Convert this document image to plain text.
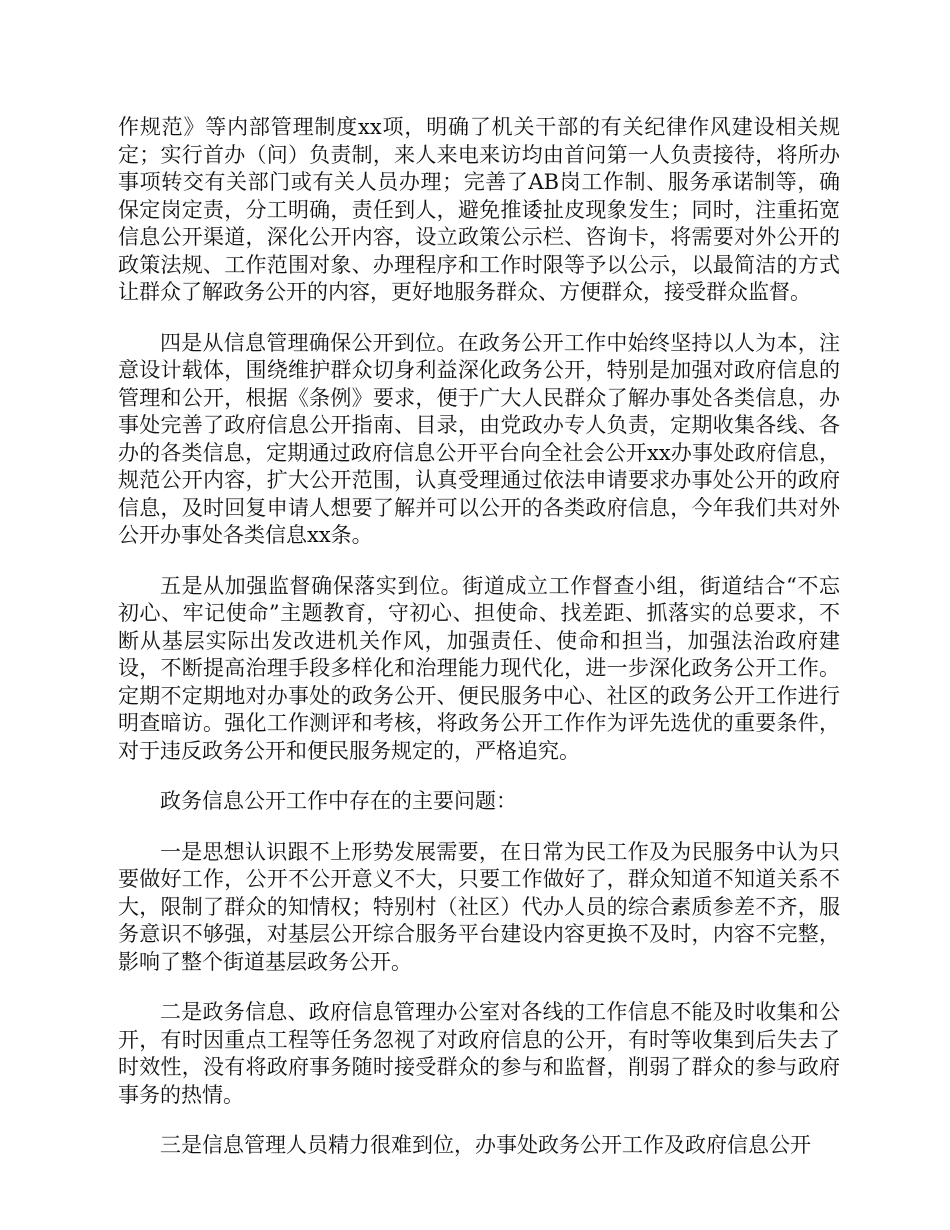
作规范》等内部管理制度xx项，明确了机关干部的有关纪律作风建设相关规定；实行首办（问）负责制，来人来电来访均由首问第一人负责接待，将所办事项转交有关部门或有关人员办理；完善了AB岗工作制、服务承诺制等，确保定岗定责，分工明确，责任到人，避免推诿扯皮现象发生；同时，注重拓宽信息公开渠道，深化公开内容，设立政策公示栏、咨询卡，将需要对外公开的政策法规、工作范围对象、办理程序和工作时限等予以公示，以最简洁的方式让群众了解政务公开的内容，更好地服务群众、方便群众，接受群众监督。

四是从信息管理确保公开到位。在政务公开工作中始终坚持以人为本，注意设计载体，围绕维护群众切身利益深化政务公开，特别是加强对政府信息的管理和公开，根据《条例》要求，便于广大人民群众了解办事处各类信息，办事处完善了政府信息公开指南、目录，由党政办专人负责，定期收集各线、各办的各类信息，定期通过政府信息公开平台向全社会公开xx办事处政府信息，规范公开内容，扩大公开范围，认真受理通过依法申请要求办事处公开的政府信息，及时回复申请人想要了解并可以公开的各类政府信息，今年我们共对外公开办事处各类信息xx条。

五是从加强监督确保落实到位。街道成立工作督查小组，街道结合“不忘初心、牢记使命”主题教育，守初心、担使命、找差距、抓落实的总要求，不断从基层实际出发改进机关作风，加强责任、使命和担当，加强法治政府建设，不断提高治理手段多样化和治理能力现代化，进一步深化政务公开工作。定期不定期地对办事处的政务公开、便民服务中心、社区的政务公开工作进行明查暗访。强化工作测评和考核，将政务公开工作作为评先选优的重要条件，对于违反政务公开和便民服务规定的，严格追究。

政务信息公开工作中存在的主要问题：

一是思想认识跟不上形势发展需要，在日常为民工作及为民服务中认为只要做好工作，公开不公开意义不大，只要工作做好了，群众知道不知道关系不大，限制了群众的知情权；特别村（社区）代办人员的综合素质参差不齐，服务意识不够强，对基层公开综合服务平台建设内容更换不及时，内容不完整，影响了整个街道基层政务公开。

二是政务信息、政府信息管理办公室对各线的工作信息不能及时收集和公开，有时因重点工程等任务忽视了对政府信息的公开，有时等收集到后失去了时效性，没有将政府事务随时接受群众的参与和监督，削弱了群众的参与政府事务的热情。

三是信息管理人员精力很难到位，办事处政务公开工作及政府信息公开
